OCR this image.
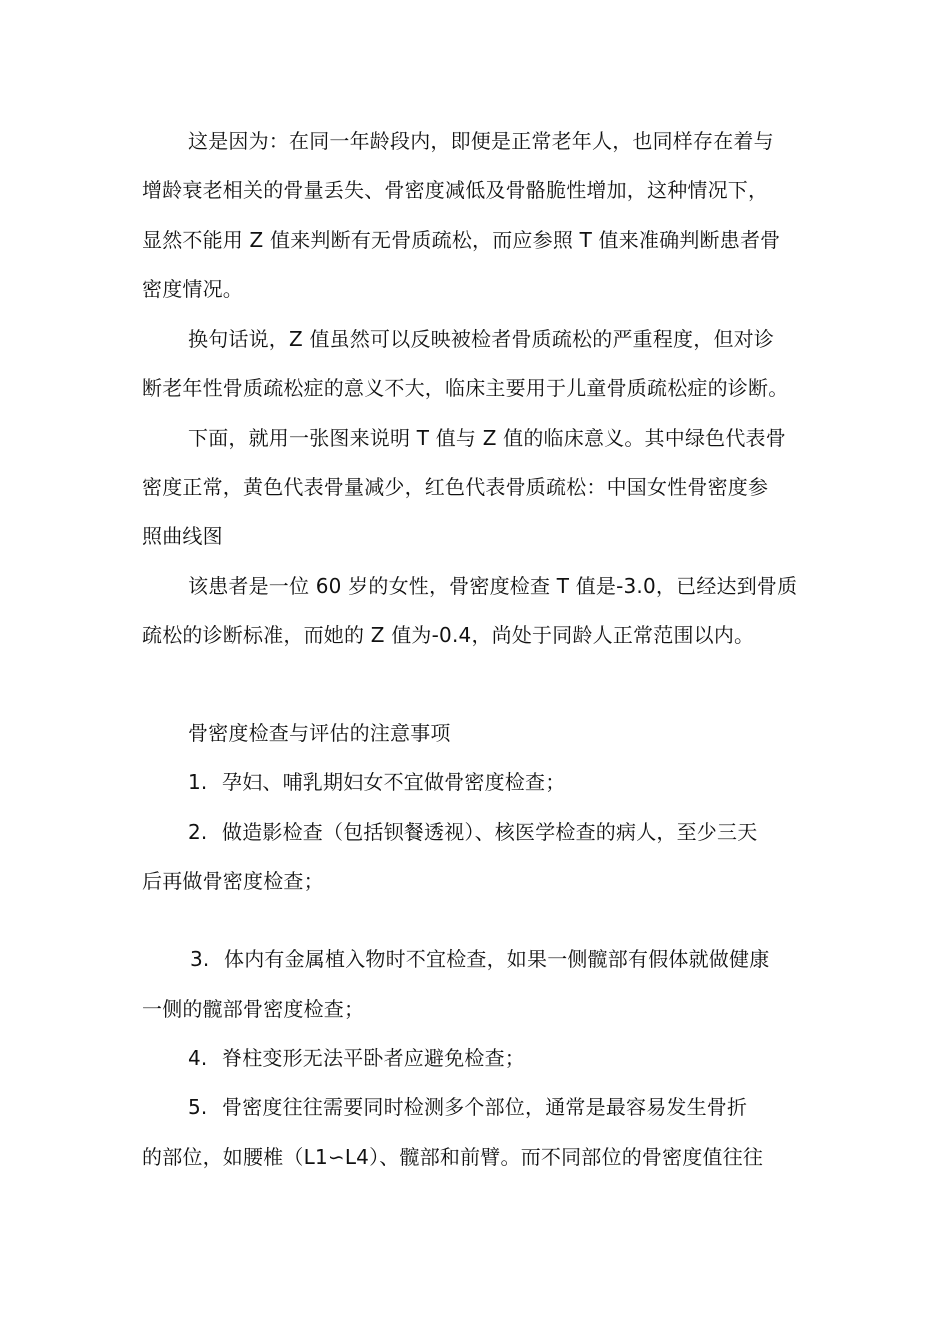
这是因为：在同一年龄段内，即便是正常老年人，也同样存在着与
增龄衰老相关的骨量丢失、骨密度减低及骨骼脆性增加，这种情况下，
显然不能用 Z 值来判断有无骨质疏松，而应参照 T 值来准确判断患者骨
密度情况。
换句话说，Z 值虽然可以反映被检者骨质疏松的严重程度，但对诊
断老年性骨质疏松症的意义不大，临床主要用于儿童骨质疏松症的诊断。
下面，就用一张图来说明 T 值与 Z 值的临床意义。其中绿色代表骨
密度正常，黄色代表骨量减少，红色代表骨质疏松：中国女性骨密度参
照曲线图
该患者是一位 60 岁的女性，骨密度检查 T 值是-3.0，已经达到骨质
疏松的诊断标准，而她的 Z 值为-0.4，尚处于同龄人正常范围以内。
骨密度检查与评估的注意事项
1. 孕妇、哺乳期妇女不宜做骨密度检查；
2. 做造影检查（包括钡餐透视）、核医学检查的病人，至少三天
后再做骨密度检查；
3. 体内有金属植入物时不宜检查，如果一侧髋部有假体就做健康
一侧的髋部骨密度检查；
4. 脊柱变形无法平卧者应避免检查；
5. 骨密度往往需要同时检测多个部位，通常是最容易发生骨折
的部位，如腰椎（L1∽L4）、髋部和前臂。而不同部位的骨密度值往往
